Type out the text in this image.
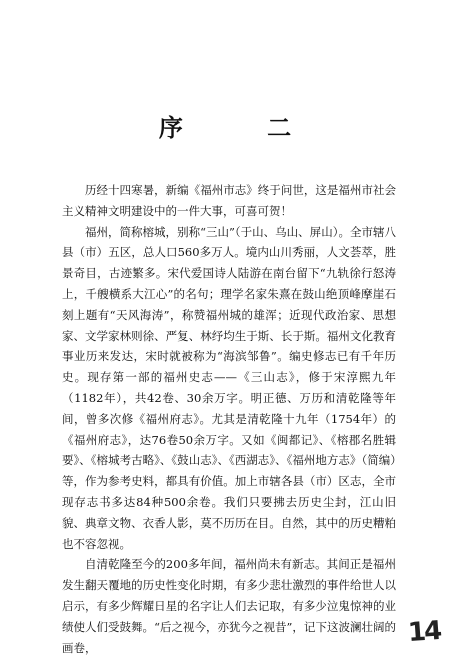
序 二

历经十四寒暑，新编《福州市志》终于问世，这是福州市社会主义精神文明建设中的一件大事，可喜可贺！

福州，简称榕城，别称“三山”（于山、乌山、屏山）。全市辖八县（市）五区，总人口560多万人。境内山川秀丽，人文荟萃，胜景奇目，古迹繁多。宋代爱国诗人陆游在南台留下“九轨徐行怒涛上，千艘横系大江心”的名句；理学名家朱熹在鼓山绝顶峰摩崖石刻上题有“天风海涛”，称赞福州城的雄浑；近现代政治家、思想家、文学家林则徐、严复、林纾均生于斯、长于斯。福州文化教育事业历来发达，宋时就被称为“海滨邹鲁”。编史修志已有千年历史。现存第一部的福州史志——《三山志》，修于宋淳熙九年（1182年），共42卷、30余万字。明正德、万历和清乾隆等年间，曾多次修《福州府志》。尤其是清乾隆十九年（1754年）的《福州府志》，达76卷50余万字。又如《闽都记》、《榕郡名胜辑要》、《榕城考古略》、《鼓山志》、《西湖志》、《福州地方志》（简编）等，作为参考史料，都具有价值。加上市辖各县（市）区志，全市现存志书多达84种500余卷。我们只要拂去历史尘封，江山旧貌、典章文物、衣香人影，莫不历历在目。自然，其中的历史糟粕也不容忽视。

自清乾隆至今的200多年间，福州尚未有新志。其间正是福州发生翻天覆地的历史性变化时期，有多少悲壮激烈的事件给世人以启示，有多少辉耀日星的名字让人们去记取，有多少泣鬼惊神的业绩使人们受鼓舞。“后之视今，亦犹今之视昔”，记下这波澜壮阔的画卷，	14
